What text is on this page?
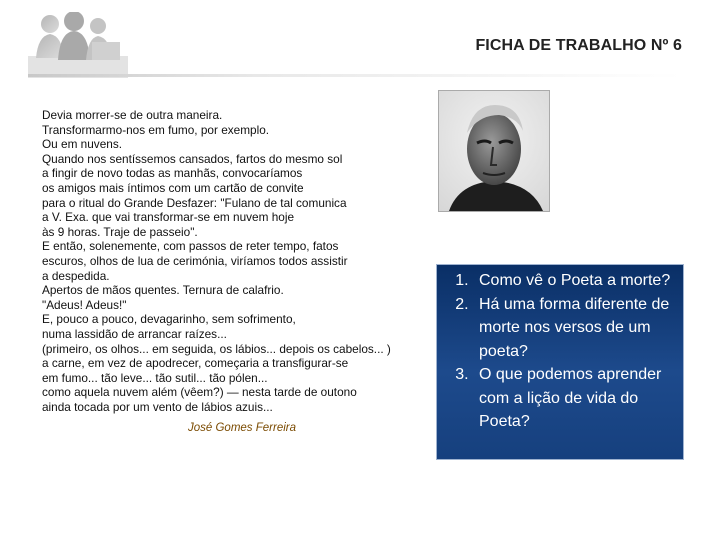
FICHA DE TRABALHO Nº 6
Devia morrer-se de outra maneira.
Transformarmo-nos em fumo, por exemplo.
Ou em nuvens.
Quando nos sentíssemos cansados, fartos do mesmo sol
a fingir de novo todas as manhãs, convocaríamos
os amigos mais íntimos com um cartão de convite
para o ritual do Grande Desfazer: "Fulano de tal comunica
a V. Exa. que vai transformar-se em nuvem hoje
às 9 horas. Traje de passeio".
E então, solenemente, com passos de reter tempo, fatos
escuros, olhos de lua de cerimónia, viríamos todos assistir
a despedida.
Apertos de mãos quentes. Ternura de calafrio.
"Adeus! Adeus!"
E, pouco a pouco, devagarinho, sem sofrimento,
numa lassidão de arrancar raízes...
(primeiro, os olhos... em seguida, os lábios... depois os cabelos... )
a carne, em vez de apodrecer, começaria a transfigurar-se
em fumo... tão leve... tão sutil... tão pólen...
como aquela nuvem além (vêem?) — nesta tarde de outono
ainda tocada por um vento de lábios azuis...
José Gomes Ferreira
1. Como vê o Poeta a morte?
2. Há uma forma diferente de morte nos versos de um poeta?
3. O que podemos aprender com a lição de vida do Poeta?
